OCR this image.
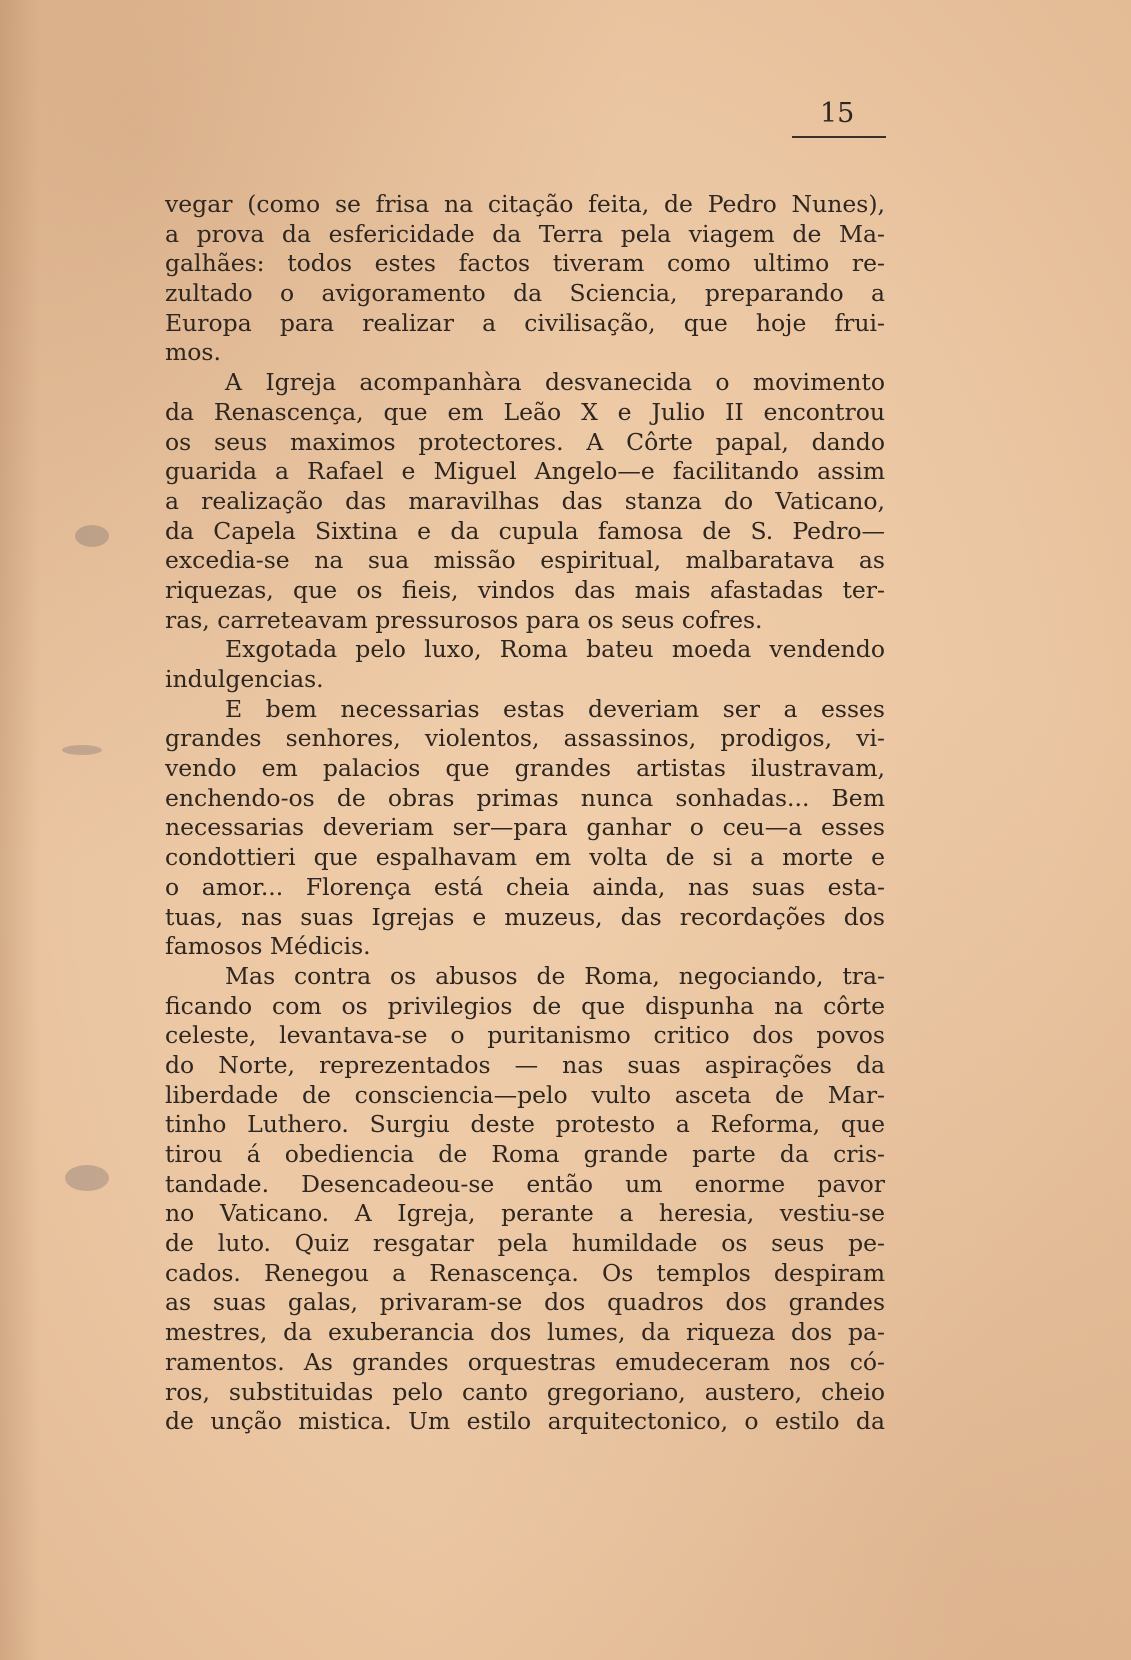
15
vegar (como se frisa na citação feita, de Pedro Nunes),
a prova da esfericidade da Terra pela viagem de Ma-
galhães: todos estes factos tiveram como ultimo re-
zultado o avigoramento da Sciencia, preparando a
Europa para realizar a civilisação, que hoje frui-
mos.
A Igreja acompanhàra desvanecida o movimento
da Renascença, que em Leão X e Julio II encontrou
os seus maximos protectores. A Côrte papal, dando
guarida a Rafael e Miguel Angelo—e facilitando assim
a realização das maravilhas das stanza do Vaticano,
da Capela Sixtina e da cupula famosa de S. Pedro—
excedia-se na sua missão espiritual, malbaratava as
riquezas, que os fieis, vindos das mais afastadas ter-
ras, carreteavam pressurosos para os seus cofres.
Exgotada pelo luxo, Roma bateu moeda vendendo
indulgencias.
E bem necessarias estas deveriam ser a esses
grandes senhores, violentos, assassinos, prodigos, vi-
vendo em palacios que grandes artistas ilustravam,
enchendo-os de obras primas nunca sonhadas... Bem
necessarias deveriam ser—para ganhar o ceu—a esses
condottieri que espalhavam em volta de si a morte e
o amor... Florença está cheia ainda, nas suas esta-
tuas, nas suas Igrejas e muzeus, das recordações dos
famosos Médicis.
Mas contra os abusos de Roma, negociando, tra-
ficando com os privilegios de que dispunha na côrte
celeste, levantava-se o puritanismo critico dos povos
do Norte, reprezentados — nas suas aspirações da
liberdade de consciencia—pelo vulto asceta de Mar-
tinho Luthero. Surgiu deste protesto a Reforma, que
tirou á obediencia de Roma grande parte da cris-
tandade. Desencadeou-se então um enorme pavor
no Vaticano. A Igreja, perante a heresia, vestiu-se
de luto. Quiz resgatar pela humildade os seus pe-
cados. Renegou a Renascença. Os templos despiram
as suas galas, privaram-se dos quadros dos grandes
mestres, da exuberancia dos lumes, da riqueza dos pa-
ramentos. As grandes orquestras emudeceram nos có-
ros, substituidas pelo canto gregoriano, austero, cheio
de unção mistica. Um estilo arquitectonico, o estilo da
